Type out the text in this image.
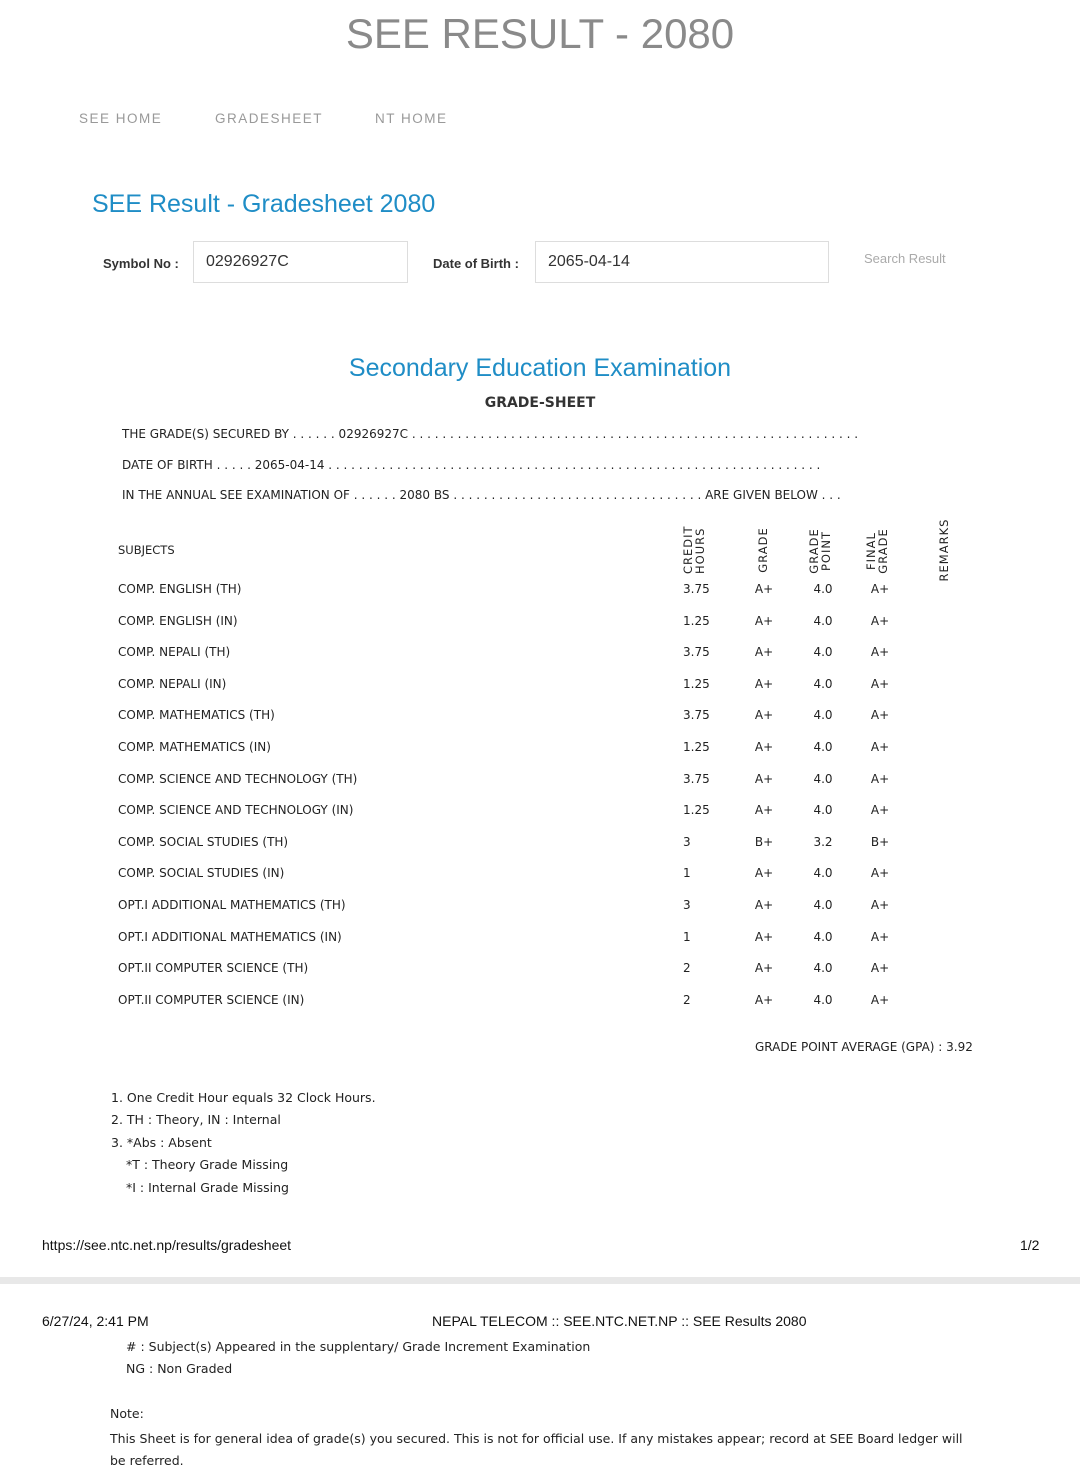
SEE RESULT - 2080
SEE HOME	GRADESHEET	NT HOME
SEE Result - Gradesheet 2080
Symbol No :
02926927C	Date of Birth :
2065-04-14	Search Result
Secondary Education Examination
GRADE-SHEET
THE GRADE(S) SECURED BY . . . . . . 02926927C . . . . . . . . . . . . . . . . . . . . . . . . . . . . . . . . . . . . . . . . . . . . . . . . . . . . . . . . . . .
DATE OF BIRTH . . . . . 2065-04-14 . . . . . . . . . . . . . . . . . . . . . . . . . . . . . . . . . . . . . . . . . . . . . . . . . . . . . . . . . . . . . . . . .
IN THE ANNUAL SEE EXAMINATION OF . . . . . . 2080 BS . . . . . . . . . . . . . . . . . . . . . . . . . . . . . . . . . ARE GIVEN BELOW . . .
SUBJECTS	CREDIT HOURS	GRADE	GRADE POINT	FINAL GRADE	REMARKS
COMP. ENGLISH (TH)	3.75	A+	4.0	A+
COMP. ENGLISH (IN)	1.25	A+	4.0	A+
COMP. NEPALI (TH)	3.75	A+	4.0	A+
COMP. NEPALI (IN)	1.25	A+	4.0	A+
COMP. MATHEMATICS (TH)	3.75	A+	4.0	A+
COMP. MATHEMATICS (IN)	1.25	A+	4.0	A+
COMP. SCIENCE AND TECHNOLOGY (TH)	3.75	A+	4.0	A+
COMP. SCIENCE AND TECHNOLOGY (IN)	1.25	A+	4.0	A+
COMP. SOCIAL STUDIES (TH)	3	B+	3.2	B+
COMP. SOCIAL STUDIES (IN)	1	A+	4.0	A+
OPT.I ADDITIONAL MATHEMATICS (TH)	3	A+	4.0	A+
OPT.I ADDITIONAL MATHEMATICS (IN)	1	A+	4.0	A+
OPT.II COMPUTER SCIENCE (TH)	2	A+	4.0	A+
OPT.II COMPUTER SCIENCE (IN)	2	A+	4.0	A+
GRADE POINT AVERAGE (GPA) : 3.92
1. One Credit Hour equals 32 Clock Hours.
2. TH : Theory, IN : Internal
3. *Abs : Absent
*T : Theory Grade Missing
*I : Internal Grade Missing
https://see.ntc.net.np/results/gradesheet	1/2
6/27/24, 2:41 PM	NEPAL TELECOM :: SEE.NTC.NET.NP :: SEE Results 2080
# : Subject(s) Appeared in the supplentary/ Grade Increment Examination
NG : Non Graded
Note:
This Sheet is for general idea of grade(s) you secured. This is not for official use. If any mistakes appear; record at SEE Board ledger will be referred.
